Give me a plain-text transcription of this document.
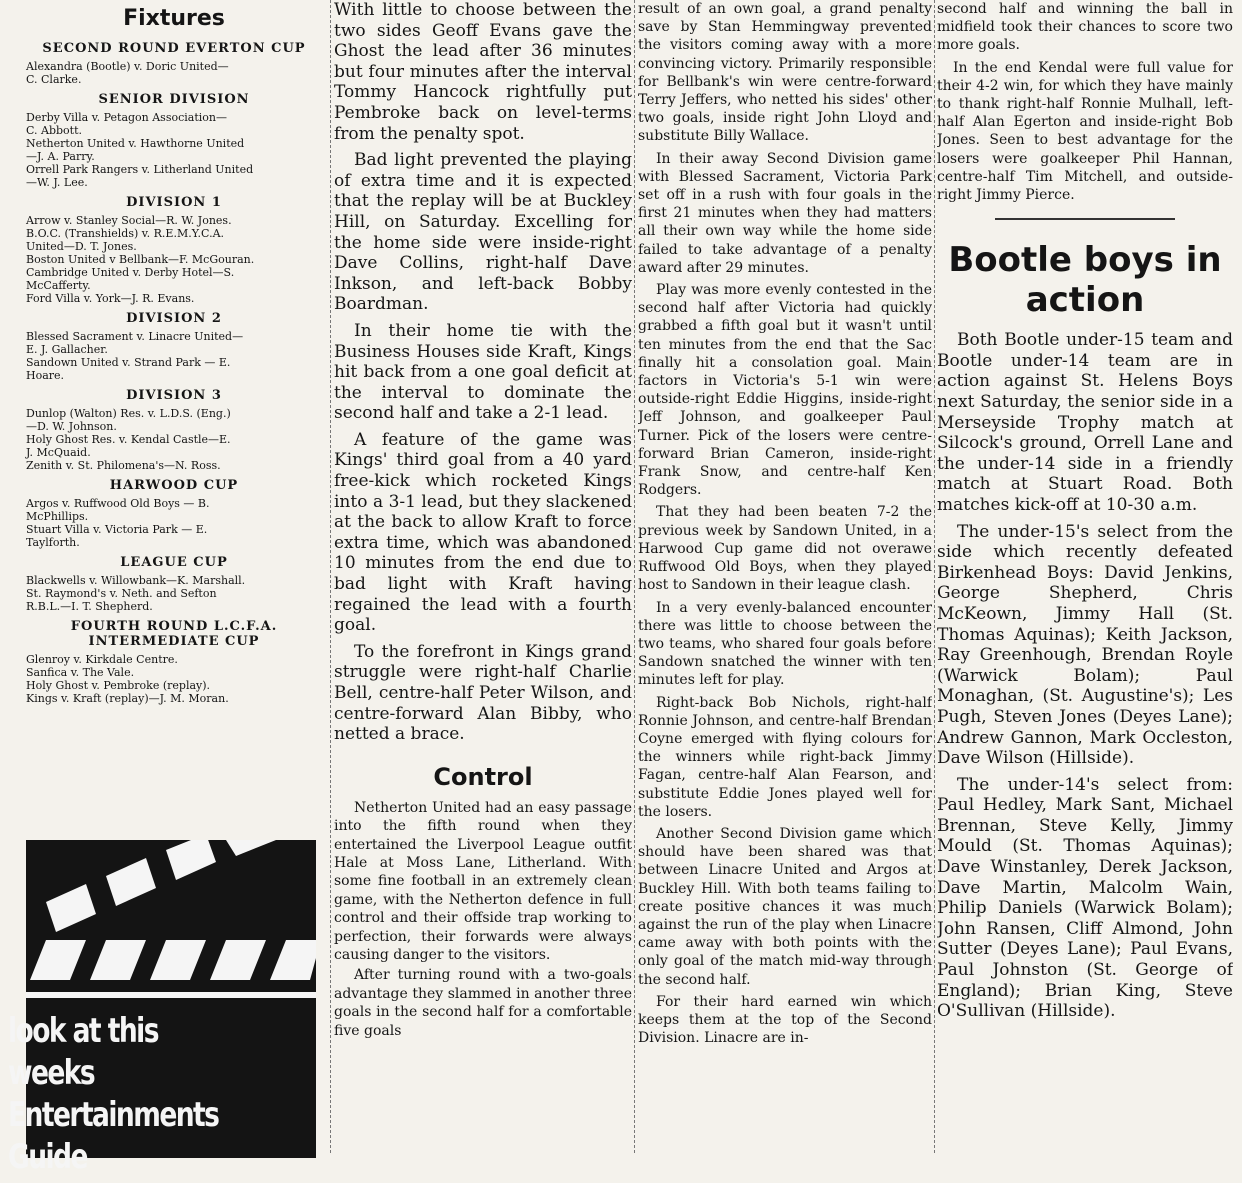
Fixtures
SECOND ROUND EVERTON CUP
Alexandra (Bootle) v. Doric United—
C. Clarke.
SENIOR DIVISION
Derby Villa v. Petagon Association—
C. Abbott.
Netherton United v. Hawthorne United
—J. A. Parry.
Orrell Park Rangers v. Litherland United
—W. J. Lee.
DIVISION 1
Arrow v. Stanley Social—R. W. Jones.
B.O.C. (Transhields) v. R.E.M.Y.C.A.
United—D. T. Jones.
Boston United v Bellbank—F. McGouran.
Cambridge United v. Derby Hotel—S.
McCafferty.
Ford Villa v. York—J. R. Evans.
DIVISION 2
Blessed Sacrament v. Linacre United—
E. J. Gallacher.
Sandown United v. Strand Park — E.
Hoare.
DIVISION 3
Dunlop (Walton) Res. v. L.D.S. (Eng.)
—D. W. Johnson.
Holy Ghost Res. v. Kendal Castle—E.
J. McQuaid.
Zenith v. St. Philomena's—N. Ross.
HARWOOD CUP
Argos v. Ruffwood Old Boys — B.
McPhillips.
Stuart Villa v. Victoria Park — E.
Taylforth.
LEAGUE CUP
Blackwells v. Willowbank—K. Marshall.
St. Raymond's v. Neth. and Sefton
R.B.L.—I. T. Shepherd.
FOURTH ROUND L.C.F.A. INTERMEDIATE CUP
Glenroy v. Kirkdale Centre.
Sanfica v. The Vale.
Holy Ghost v. Pembroke (replay).
Kings v. Kraft (replay)—J. M. Moran.
look at this weeks
Entertainments
Guide

With little to choose between the two sides Geoff Evans gave the Ghost the lead after 36 minutes but four minutes after the interval Tommy Hancock rightfully put Pembroke back on level-terms from the penalty spot.

Bad light prevented the playing of extra time and it is expected that the replay will be at Buckley Hill, on Saturday. Excelling for the home side were inside-right Dave Collins, right-half Dave Inkson, and left-back Bobby Boardman.

In their home tie with the Business Houses side Kraft, Kings hit back from a one goal deficit at the interval to dominate the second half and take a 2-1 lead.

A feature of the game was Kings' third goal from a 40 yard free-kick which rocketed Kings into a 3-1 lead, but they slackened at the back to allow Kraft to force extra time, which was abandoned 10 minutes from the end due to bad light with Kraft having regained the lead with a fourth goal.

To the forefront in Kings grand struggle were right-half Charlie Bell, centre-half Peter Wilson, and centre-forward Alan Bibby, who netted a brace.

Control

Netherton United had an easy passage into the fifth round when they entertained the Liverpool League outfit Hale at Moss Lane, Litherland. With some fine football in an extremely clean game, with the Netherton defence in full control and their offside trap working to perfection, their forwards were always causing danger to the visitors.

After turning round with a two-goals advantage they slammed in another three goals in the second half for a comfortable five goals

result of an own goal, a grand penalty save by Stan Hemmingway prevented the visitors coming away with a more convincing victory. Primarily responsible for Bellbank's win were centre-forward Terry Jeffers, who netted his sides' other two goals, inside right John Lloyd and substitute Billy Wallace.

In their away Second Division game with Blessed Sacrament, Victoria Park set off in a rush with four goals in the first 21 minutes when they had matters all their own way while the home side failed to take advantage of a penalty award after 29 minutes.

Play was more evenly contested in the second half after Victoria had quickly grabbed a fifth goal but it wasn't until ten minutes from the end that the Sac finally hit a consolation goal. Main factors in Victoria's 5-1 win were outside-right Eddie Higgins, inside-right Jeff Johnson, and goalkeeper Paul Turner. Pick of the losers were centre-forward Brian Cameron, inside-right Frank Snow, and centre-half Ken Rodgers.

That they had been beaten 7-2 the previous week by Sandown United, in a Harwood Cup game did not overawe Ruffwood Old Boys, when they played host to Sandown in their league clash.

In a very evenly-balanced encounter there was little to choose between the two teams, who shared four goals before Sandown snatched the winner with ten minutes left for play.

Right-back Bob Nichols, right-half Ronnie Johnson, and centre-half Brendan Coyne emerged with flying colours for the winners while right-back Jimmy Fagan, centre-half Alan Fearson, and substitute Eddie Jones played well for the losers.

Another Second Division game which should have been shared was that between Linacre United and Argos at Buckley Hill. With both teams failing to create positive chances it was much against the run of the play when Linacre came away with both points with the only goal of the match mid-way through the second half.

For their hard earned win which keeps them at the top of the Second Division. Linacre are in-

second half and winning the ball in midfield took their chances to score two more goals.

In the end Kendal were full value for their 4-2 win, for which they have mainly to thank right-half Ronnie Mulhall, left-half Alan Egerton and inside-right Bob Jones. Seen to best advantage for the losers were goalkeeper Phil Hannan, centre-half Tim Mitchell, and outside-right Jimmy Pierce.

Bootle boys in action

Both Bootle under-15 team and Bootle under-14 team are in action against St. Helens Boys next Saturday, the senior side in a Merseyside Trophy match at Silcock's ground, Orrell Lane and the under-14 side in a friendly match at Stuart Road. Both matches kick-off at 10-30 a.m.

The under-15's select from the side which recently defeated Birkenhead Boys: David Jenkins, George Shepherd, Chris McKeown, Jimmy Hall (St. Thomas Aquinas); Keith Jackson, Ray Greenhough, Brendan Royle (Warwick Bolam); Paul Monaghan, (St. Augustine's); Les Pugh, Steven Jones (Deyes Lane); Andrew Gannon, Mark Occleston, Dave Wilson (Hillside).

The under-14's select from: Paul Hedley, Mark Sant, Michael Brennan, Steve Kelly, Jimmy Mould (St. Thomas Aquinas); Dave Winstanley, Derek Jackson, Dave Martin, Malcolm Wain, Philip Daniels (Warwick Bolam); John Ransen, Cliff Almond, John Sutter (Deyes Lane); Paul Evans, Paul Johnston (St. George of England); Brian King, Steve O'Sullivan (Hillside).
